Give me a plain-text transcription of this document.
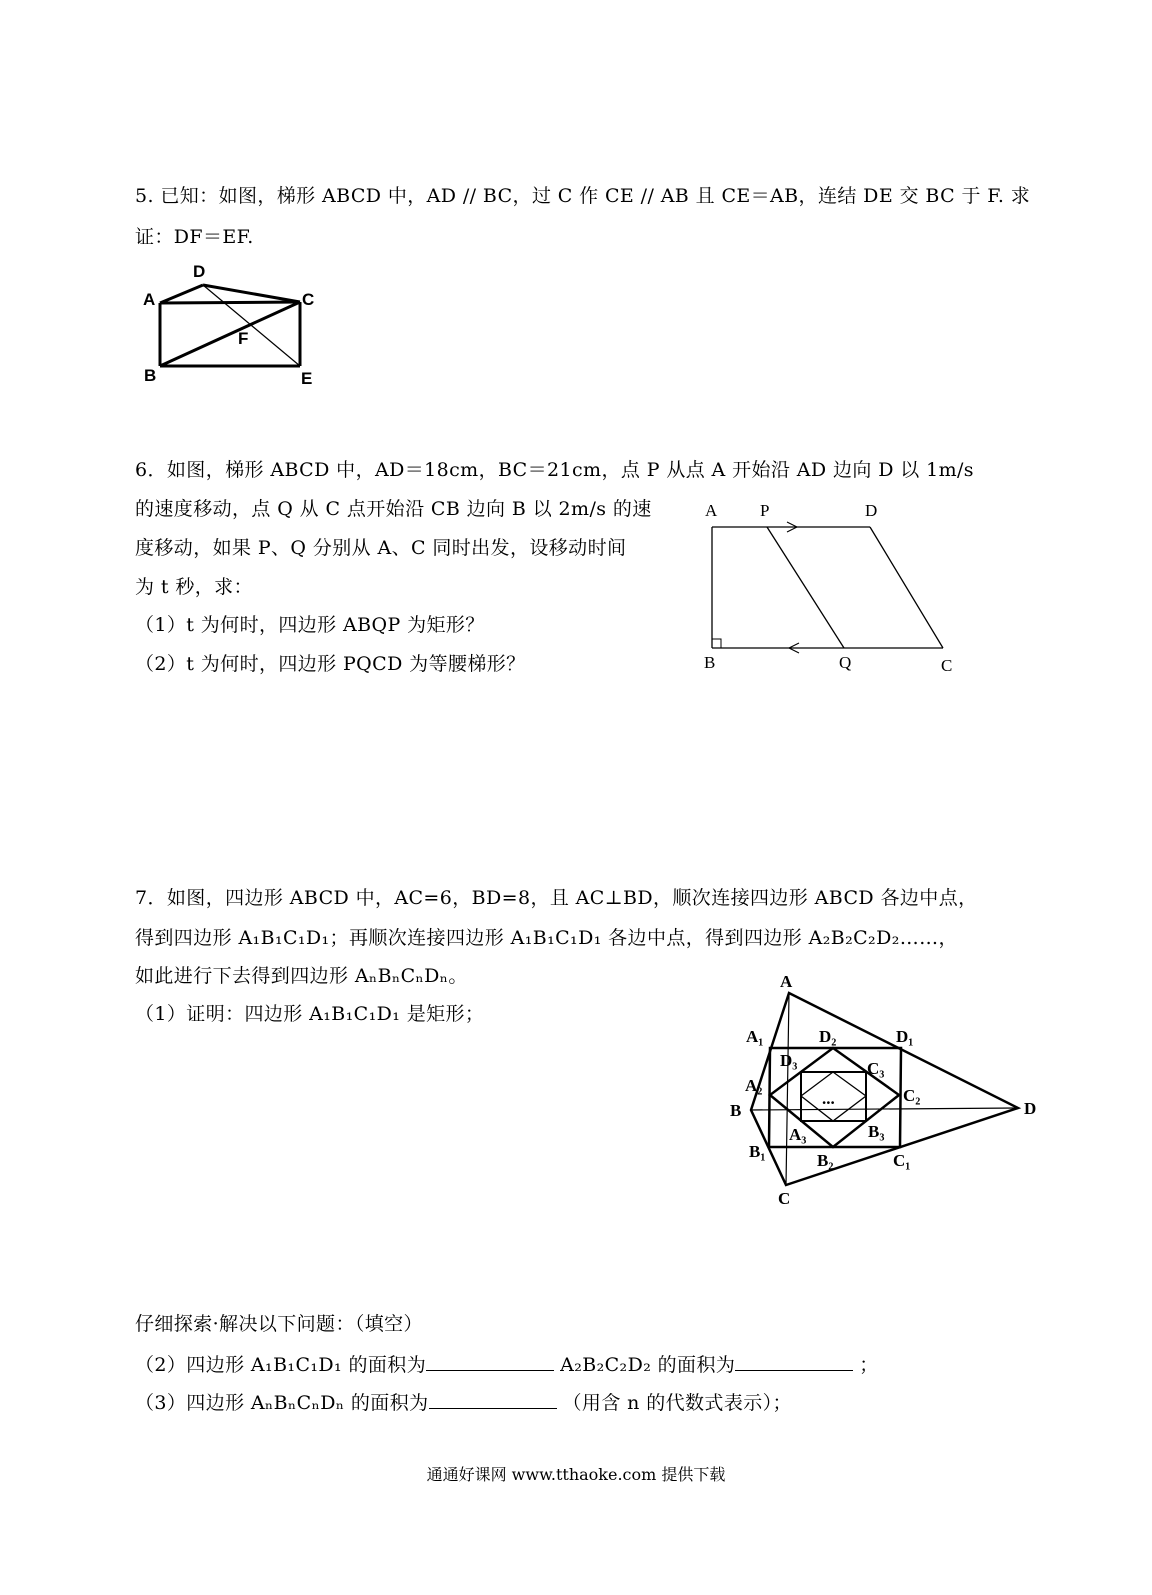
5. 已知：如图，梯形 ABCD 中，AD // BC，过 C 作 CE // AB 且 CE＝AB，连结 DE 交 BC 于 F. 求
证：DF＝EF.
D
A	C
F
B	E
6．如图，梯形 ABCD 中，AD＝18cm，BC＝21cm，点 P 从点 A 开始沿 AD 边向 D 以 1m/s
的速度移动，点 Q 从 C 点开始沿 CB 边向 B 以 2m/s 的速
度移动，如果 P、Q 分别从 A、C 同时出发，设移动时间
为 t 秒，求：
（1）t 为何时，四边形 ABQP 为矩形？
（2）t 为何时，四边形 PQCD 为等腰梯形？
A	P	D
B	Q	C
7．如图，四边形 ABCD 中，AC=6，BD=8，且 AC⊥BD，顺次连接四边形 ABCD 各边中点，
得到四边形 A₁B₁C₁D₁；再顺次连接四边形 A₁B₁C₁D₁ 各边中点，得到四边形 A₂B₂C₂D₂……，
如此进行下去得到四边形 AₙBₙCₙDₙ。
（1）证明：四边形 A₁B₁C₁D₁ 是矩形；
A
B
C
D
A₁
B₁	C₁
D₁
A₂
B₂
C₂
D₂
A₃	B₃
C₃
D₃
...
仔细探索·解决以下问题：（填空）
（2）四边形 A₁B₁C₁D₁ 的面积为	A₂B₂C₂D₂ 的面积为	；
（3）四边形 AₙBₙCₙDₙ 的面积为	（用含 n 的代数式表示）；
通通好课网 www.tthaoke.com 提供下载
